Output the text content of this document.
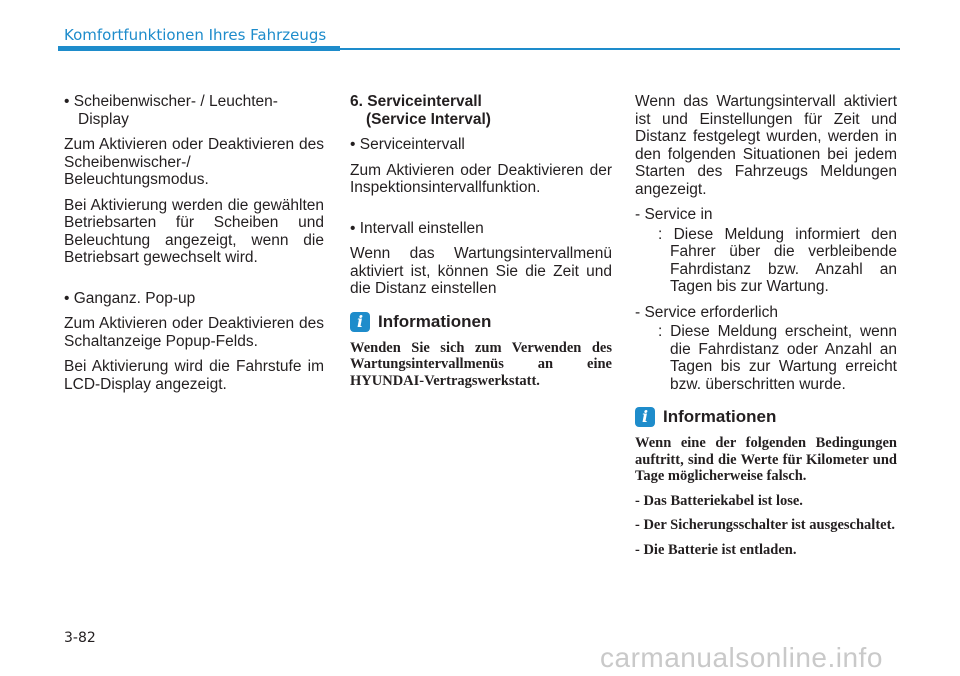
Komfortfunktionen Ihres Fahrzeugs

• Scheibenwischer- / Leuchten-Display

Zum Aktivieren oder Deaktivieren des Scheibenwischer-/ Beleuchtungsmodus.

Bei Aktivierung werden die gewählten Betriebsarten für Scheiben und Beleuchtung angezeigt, wenn die Betriebsart gewechselt wird.

• Ganganz. Pop-up

Zum Aktivieren oder Deaktivieren des Schaltanzeige Popup-Felds.

Bei Aktivierung wird die Fahrstufe im LCD-Display angezeigt.

6. Serviceintervall
(Service Interval)

• Serviceintervall

Zum Aktivieren oder Deaktivieren der Inspektionsintervallfunktion.

• Intervall einstellen

Wenn das Wartungsintervallmenü aktiviert ist, können Sie die Zeit und die Distanz einstellen

i Informationen

Wenden Sie sich zum Verwenden des Wartungsintervallmenüs an eine HYUNDAI-Vertragswerkstatt.

Wenn das Wartungsintervall aktiviert ist und Einstellungen für Zeit und Distanz festgelegt wurden, werden in den folgenden Situationen bei jedem Starten des Fahrzeugs Meldungen angezeigt.

- Service in

: Diese Meldung informiert den Fahrer über die verbleibende Fahrdistanz bzw. Anzahl an Tagen bis zur Wartung.

- Service erforderlich

: Diese Meldung erscheint, wenn die Fahrdistanz oder Anzahl an Tagen bis zur Wartung erreicht bzw. überschritten wurde.

i Informationen

Wenn eine der folgenden Bedingungen auftritt, sind die Werte für Kilometer und Tage möglicherweise falsch.

- Das Batteriekabel ist lose.

- Der Sicherungsschalter ist ausgeschaltet.

- Die Batterie ist entladen.

3-82
carmanualsonline.info
